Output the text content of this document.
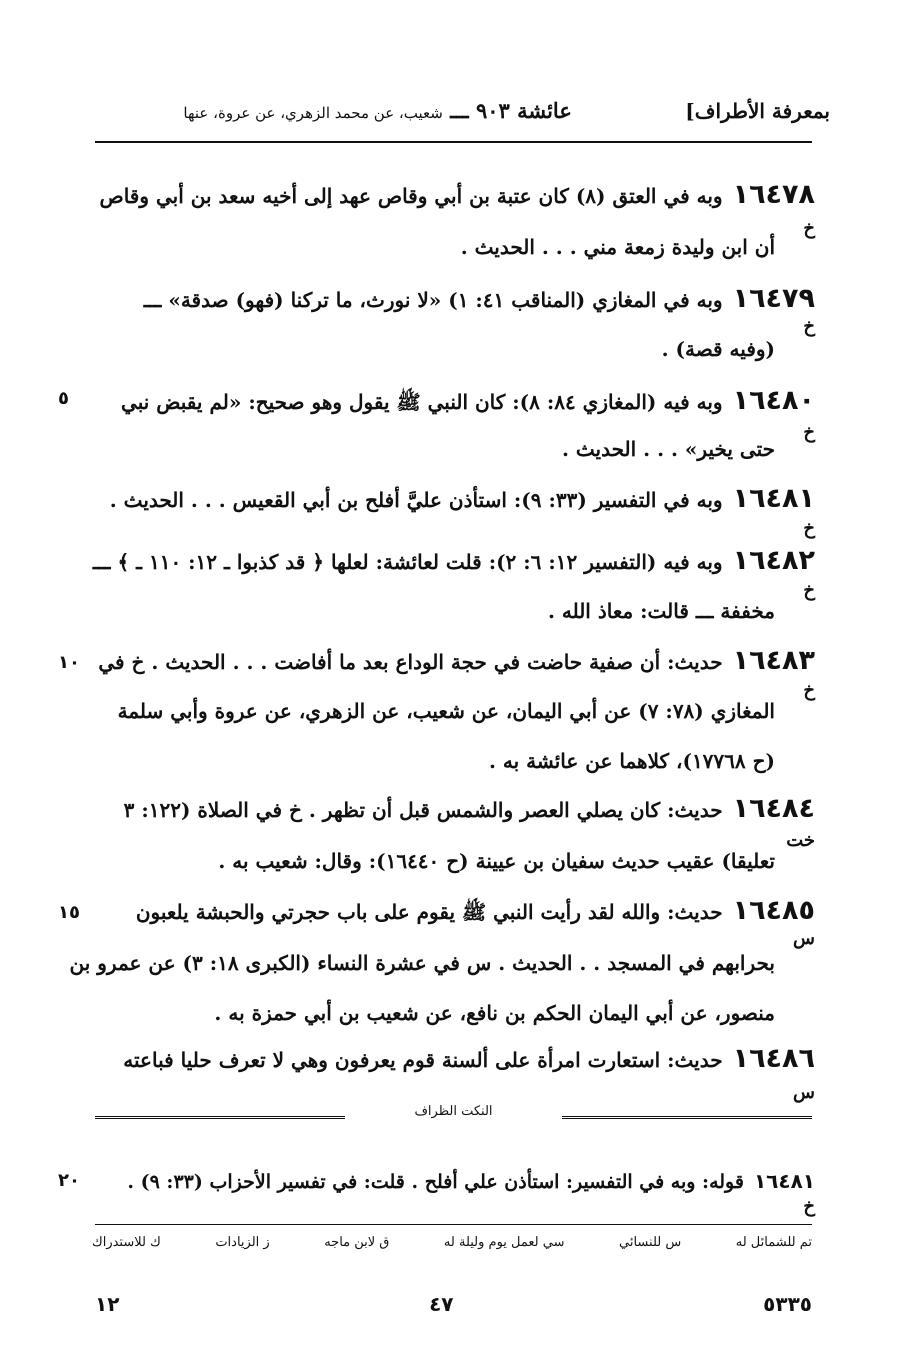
بمعرفة الأطراف]
عائشة ٩٠٣ ـــ شعيب، عن محمد الزهري، عن عروة، عنها
١٦٤٧٨وبه في العتق (٨) كان عتبة بن أبي وقاص عهد إلى أخيه سعد بن أبي وقاص
خ
أن ابن وليدة زمعة مني . . . الحديث .
١٦٤٧٩وبه في المغازي (المناقب ٤١: ١) «لا نورث، ما تركنا (فهو) صدقة» ـــ
خ
(وفيه قصة) .
١٦٤٨٠وبه فيه (المغازي ٨٤: ٨): كان النبي ﷺ يقول وهو صحيح: «لم يقبض نبي
خ
حتى يخير» . . . الحديث .
١٦٤٨١وبه في التفسير (٣٣: ٩): استأذن عليَّ أفلح بن أبي القعيس . . . الحديث .
خ
١٦٤٨٢وبه فيه (التفسير ١٢: ٦: ٢): قلت لعائشة: لعلها ﴿ قد كذبوا ـ ١٢: ١١٠ ـ ﴾ ـــ
خ
مخففة ـــ قالت: معاذ الله .
١٦٤٨٣حديث: أن صفية حاضت في حجة الوداع بعد ما أفاضت . . . الحديث . خ في
خ
المغازي (٧٨: ٧) عن أبي اليمان، عن شعيب، عن الزهري، عن عروة وأبي سلمة
(ح ١٧٧٦٨)، كلاهما عن عائشة به .
١٦٤٨٤حديث: كان يصلي العصر والشمس قبل أن تظهر . خ في الصلاة (١٢٢: ٣
خت
تعليقا) عقيب حديث سفيان بن عيينة (ح ١٦٤٤٠): وقال: شعيب به .
١٦٤٨٥حديث: والله لقد رأيت النبي ﷺ يقوم على باب حجرتي والحبشة يلعبون
س
بحرابهم في المسجد . . الحديث . س في عشرة النساء (الكبرى ١٨: ٣) عن عمرو بن
منصور، عن أبي اليمان الحكم بن نافع، عن شعيب بن أبي حمزة به .
١٦٤٨٦حديث: استعارت امرأة على ألسنة قوم يعرفون وهي لا تعرف حليا فباعته
س
٥
١٠
١٥
٢٠
النكت الظراف
١٦٤٨١قوله: وبه في التفسير: استأذن علي أفلح . قلت: في تفسير الأحزاب (٣٣: ٩) .
خ
تم للشمائل له
س للنسائي
سي لعمل يوم وليلة له
ق لابن ماجه
ز الزيادات
ك للاستدراك
٥٣٣٥
٤٧
١٢
